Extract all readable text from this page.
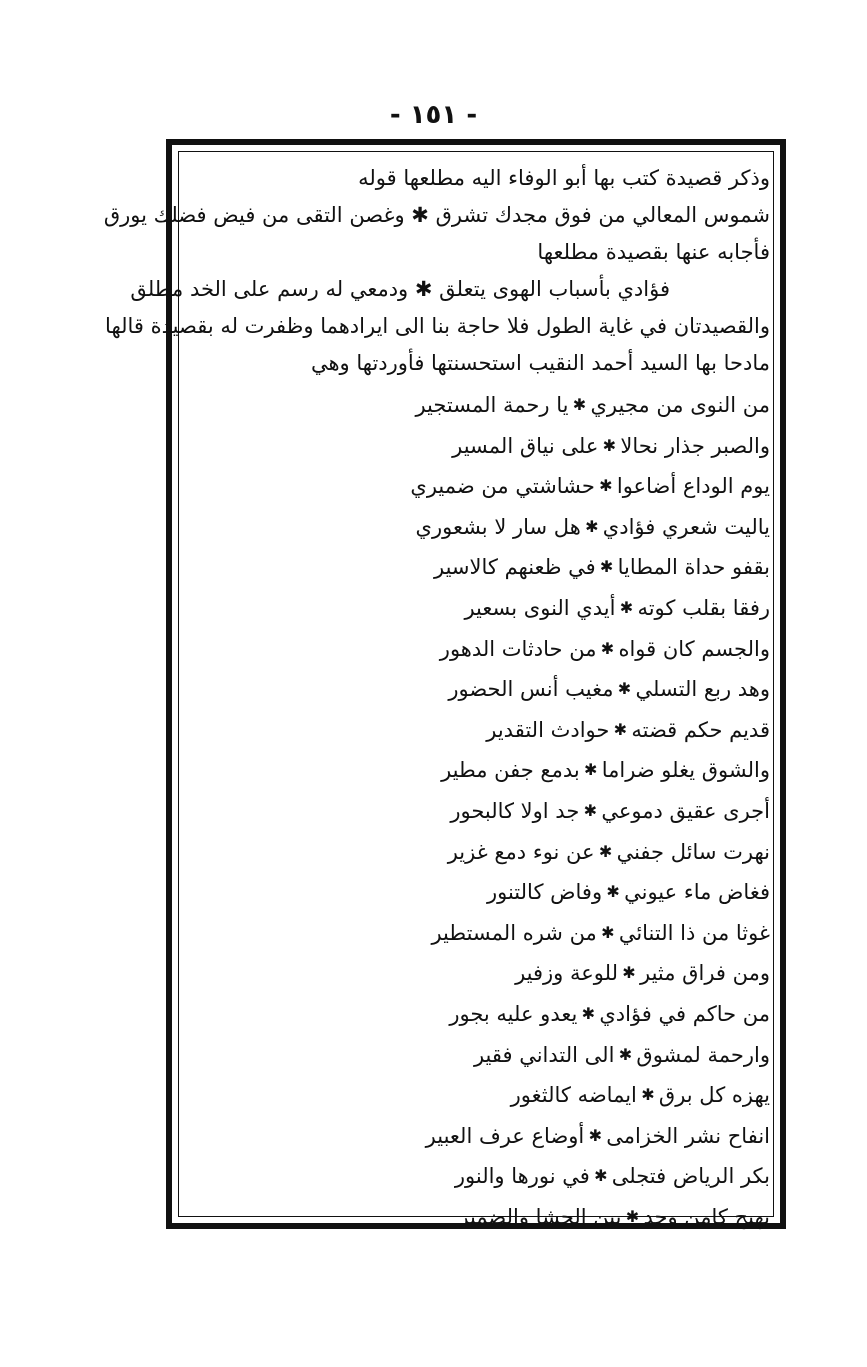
- ١٥١ -
وذكر قصيدة كتب بها أبو الوفاء اليه مطلعها قوله
شموس المعالي من فوق مجدك تشرق ✱ وغصن التقى من فيض فضلك يورق
فأجابه عنها بقصيدة مطلعها
فؤادي بأسباب الهوى يتعلق ✱ ودمعي له رسم على الخد مطلق
والقصيدتان في غاية الطول فلا حاجة بنا الى ايرادهما وظفرت له بقصيدة قالها
مادحا بها السيد أحمد النقيب استحسنتها فأوردتها وهي
من النوى من مجيري
✱
يا رحمة المستجير
والصبر جذار نحالا
✱
على نياق المسير
يوم الوداع أضاعوا
✱
حشاشتي من ضميري
ياليت شعري فؤادي
✱
هل سار لا بشعوري
بقفو حداة المطايا
✱
في ظعنهم كالاسير
رفقا بقلب كوته
✱
أيدي النوى بسعير
والجسم كان قواه
✱
من حادثات الدهور
وهد ربع التسلي
✱
مغيب أنس الحضور
قديم حكم قضته
✱
حوادث التقدير
والشوق يغلو ضراما
✱
بدمع جفن مطير
أجرى عقيق دموعي
✱
جد اولا كالبحور
نهرت سائل جفني
✱
عن نوء دمع غزير
فغاض ماء عيوني
✱
وفاض كالتنور
غوثا من ذا التنائي
✱
من شره المستطير
ومن فراق مثير
✱
للوعة وزفير
من حاكم في فؤادي
✱
يعدو عليه بجور
وارحمة لمشوق
✱
الى التداني فقير
يهزه كل برق
✱
ايماضه كالثغور
انفاح نشر الخزامى
✱
أوضاع عرف العبير
بكر الرياض فتجلى
✱
في نورها والنور
يهيج كامن وجد
✱
بين الحشا والضمير
